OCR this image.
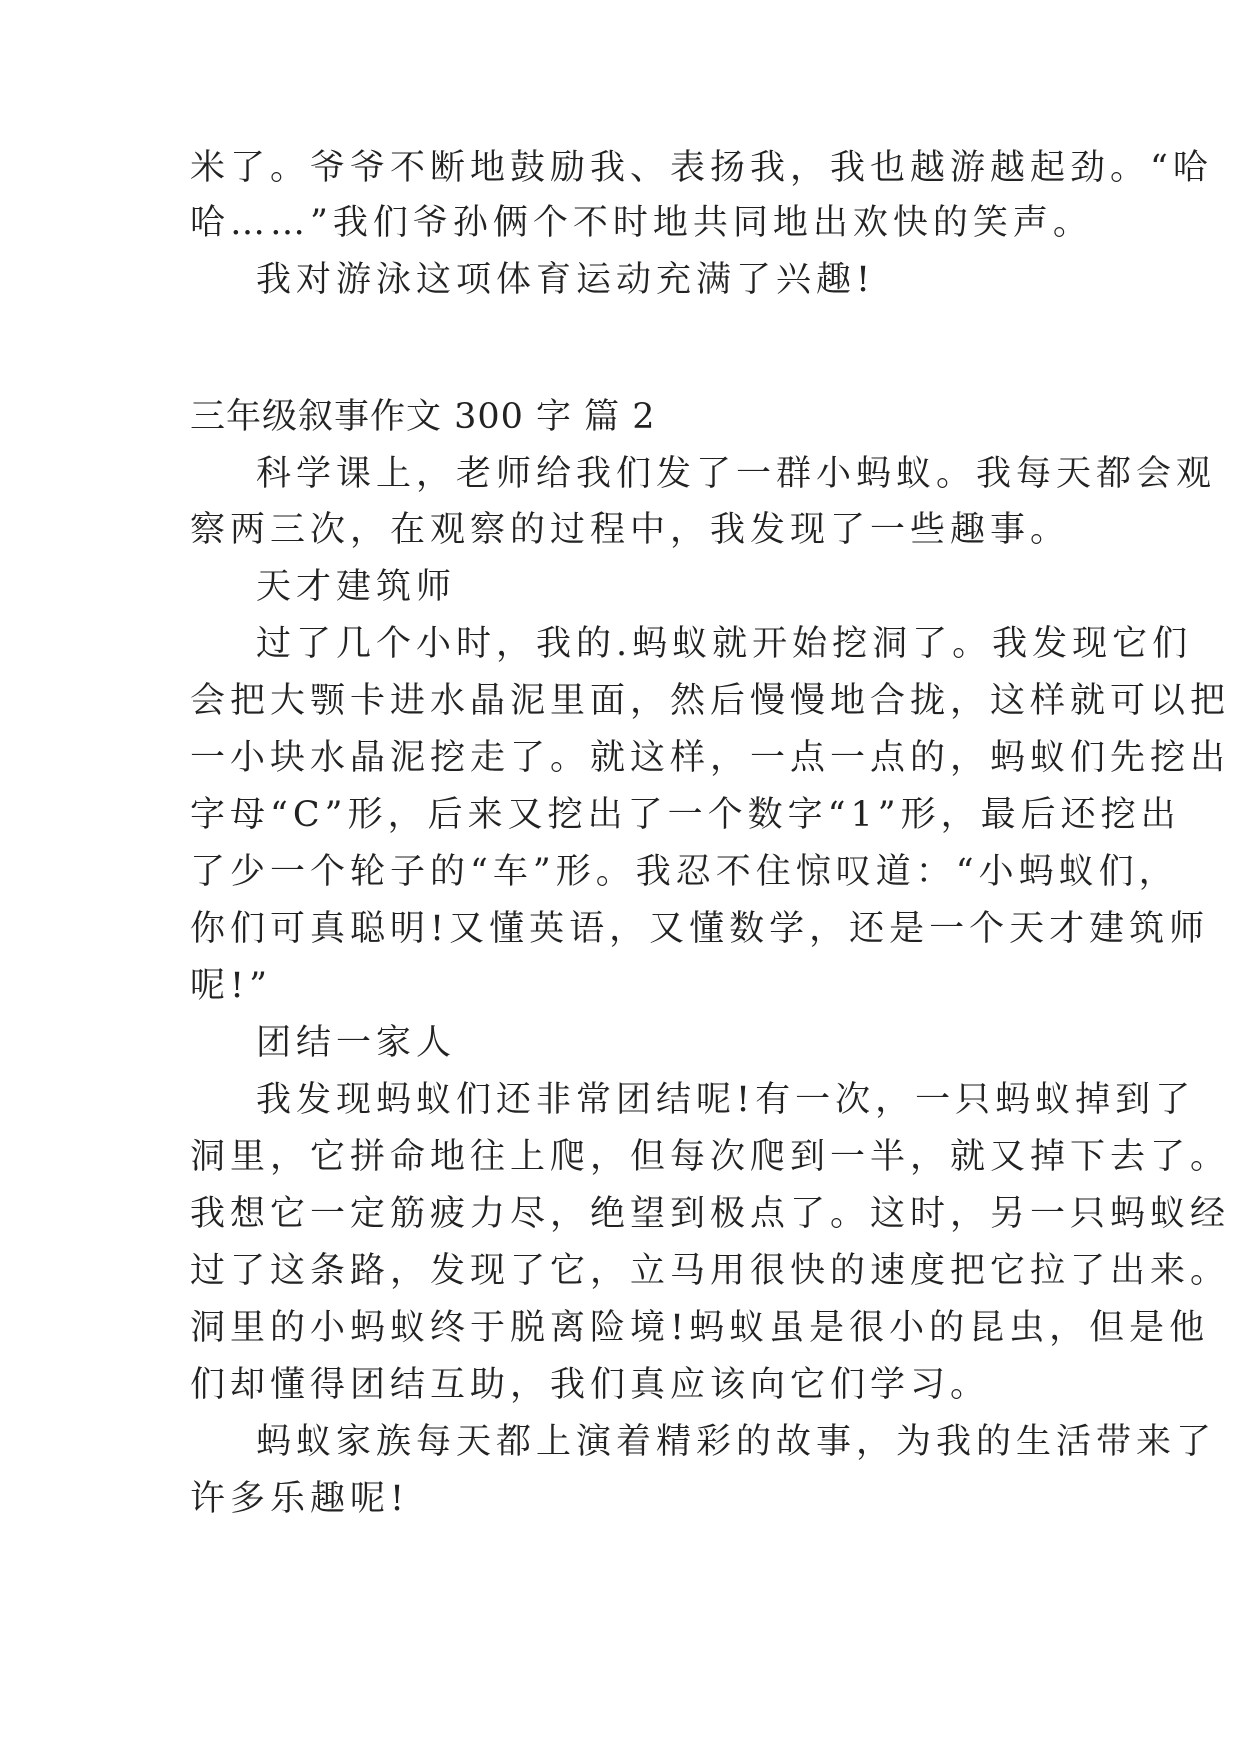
米了。爷爷不断地鼓励我、表扬我，我也越游越起劲。“哈
哈……”我们爷孙俩个不时地共同地出欢快的笑声。
我对游泳这项体育运动充满了兴趣!
三年级叙事作文 300 字 篇 2
科学课上，老师给我们发了一群小蚂蚁。我每天都会观
察两三次，在观察的过程中，我发现了一些趣事。
天才建筑师
过了几个小时，我的.蚂蚁就开始挖洞了。我发现它们
会把大颚卡进水晶泥里面，然后慢慢地合拢，这样就可以把
一小块水晶泥挖走了。就这样，一点一点的，蚂蚁们先挖出
字母“C”形，后来又挖出了一个数字“1”形，最后还挖出
了少一个轮子的“车”形。我忍不住惊叹道：“小蚂蚁们，
你们可真聪明!又懂英语，又懂数学，还是一个天才建筑师
呢!”
团结一家人
我发现蚂蚁们还非常团结呢!有一次，一只蚂蚁掉到了
洞里，它拼命地往上爬，但每次爬到一半，就又掉下去了。
我想它一定筋疲力尽，绝望到极点了。这时，另一只蚂蚁经
过了这条路，发现了它，立马用很快的速度把它拉了出来。
洞里的小蚂蚁终于脱离险境!蚂蚁虽是很小的昆虫，但是他
们却懂得团结互助，我们真应该向它们学习。
蚂蚁家族每天都上演着精彩的故事，为我的生活带来了
许多乐趣呢!
